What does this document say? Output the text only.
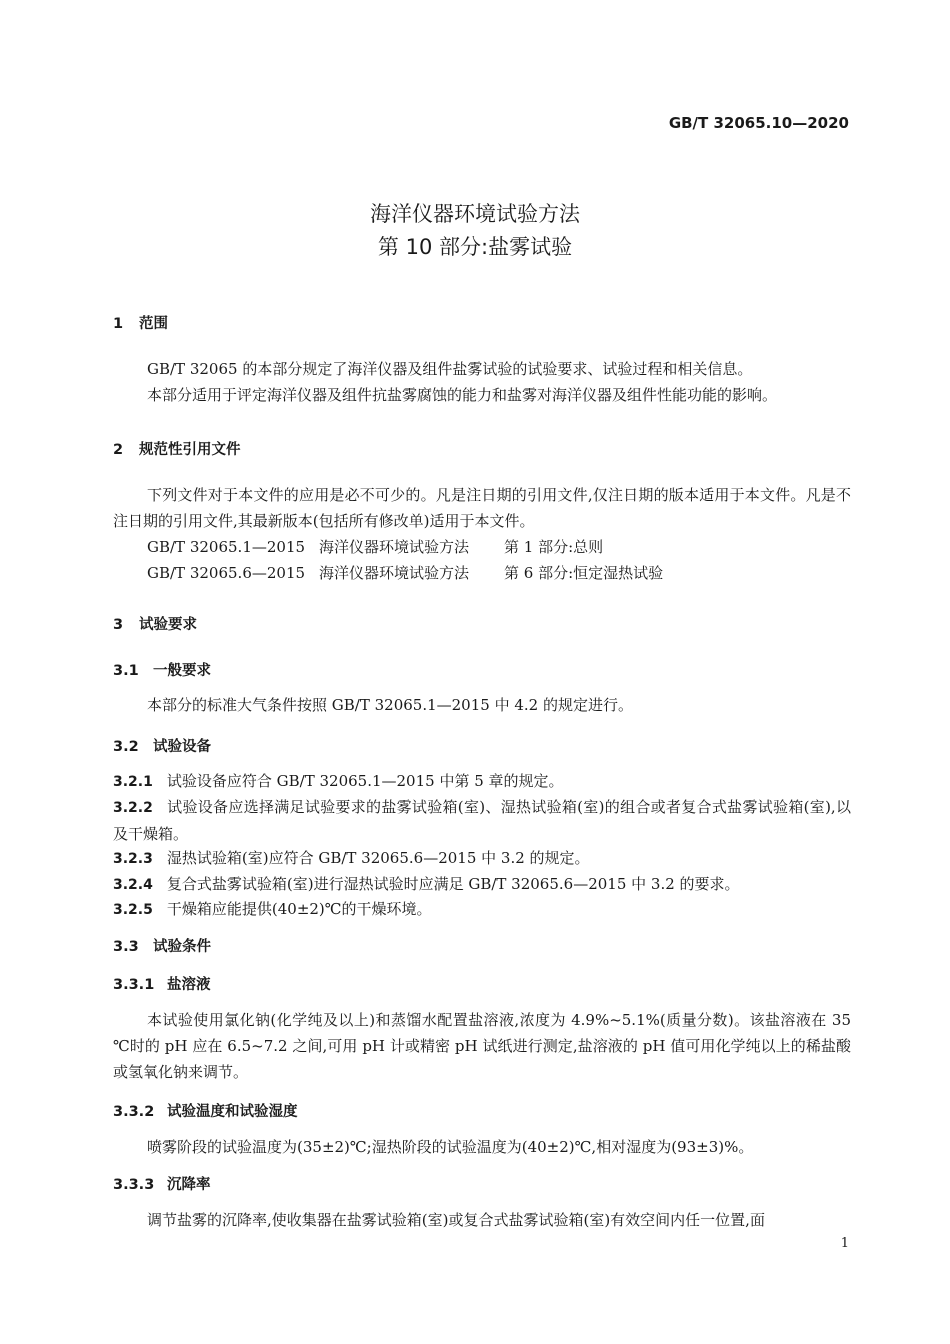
GB/T 32065.10—2020
海洋仪器环境试验方法
第 10 部分:盐雾试验
1 范围
GB/T 32065 的本部分规定了海洋仪器及组件盐雾试验的试验要求、试验过程和相关信息。
本部分适用于评定海洋仪器及组件抗盐雾腐蚀的能力和盐雾对海洋仪器及组件性能功能的影响。
2 规范性引用文件
下列文件对于本文件的应用是必不可少的。凡是注日期的引用文件,仅注日期的版本适用于本文件。凡是不注日期的引用文件,其最新版本(包括所有修改单)适用于本文件。
GB/T 32065.1—2015 海洋仪器环境试验方法 第 1 部分:总则
GB/T 32065.6—2015 海洋仪器环境试验方法 第 6 部分:恒定湿热试验
3 试验要求
3.1 一般要求
本部分的标准大气条件按照 GB/T 32065.1—2015 中 4.2 的规定进行。
3.2 试验设备
3.2.1 试验设备应符合 GB/T 32065.1—2015 中第 5 章的规定。
3.2.2 试验设备应选择满足试验要求的盐雾试验箱(室)、湿热试验箱(室)的组合或者复合式盐雾试验箱(室),以及干燥箱。
3.2.3 湿热试验箱(室)应符合 GB/T 32065.6—2015 中 3.2 的规定。
3.2.4 复合式盐雾试验箱(室)进行湿热试验时应满足 GB/T 32065.6—2015 中 3.2 的要求。
3.2.5 干燥箱应能提供(40±2)℃的干燥环境。
3.3 试验条件
3.3.1 盐溶液
本试验使用氯化钠(化学纯及以上)和蒸馏水配置盐溶液,浓度为 4.9%~5.1%(质量分数)。该盐溶液在 35 ℃时的 pH 应在 6.5~7.2 之间,可用 pH 计或精密 pH 试纸进行测定,盐溶液的 pH 值可用化学纯以上的稀盐酸或氢氧化钠来调节。
3.3.2 试验温度和试验湿度
喷雾阶段的试验温度为(35±2)℃;湿热阶段的试验温度为(40±2)℃,相对湿度为(93±3)%。
3.3.3 沉降率
调节盐雾的沉降率,使收集器在盐雾试验箱(室)或复合式盐雾试验箱(室)有效空间内任一位置,面
1
